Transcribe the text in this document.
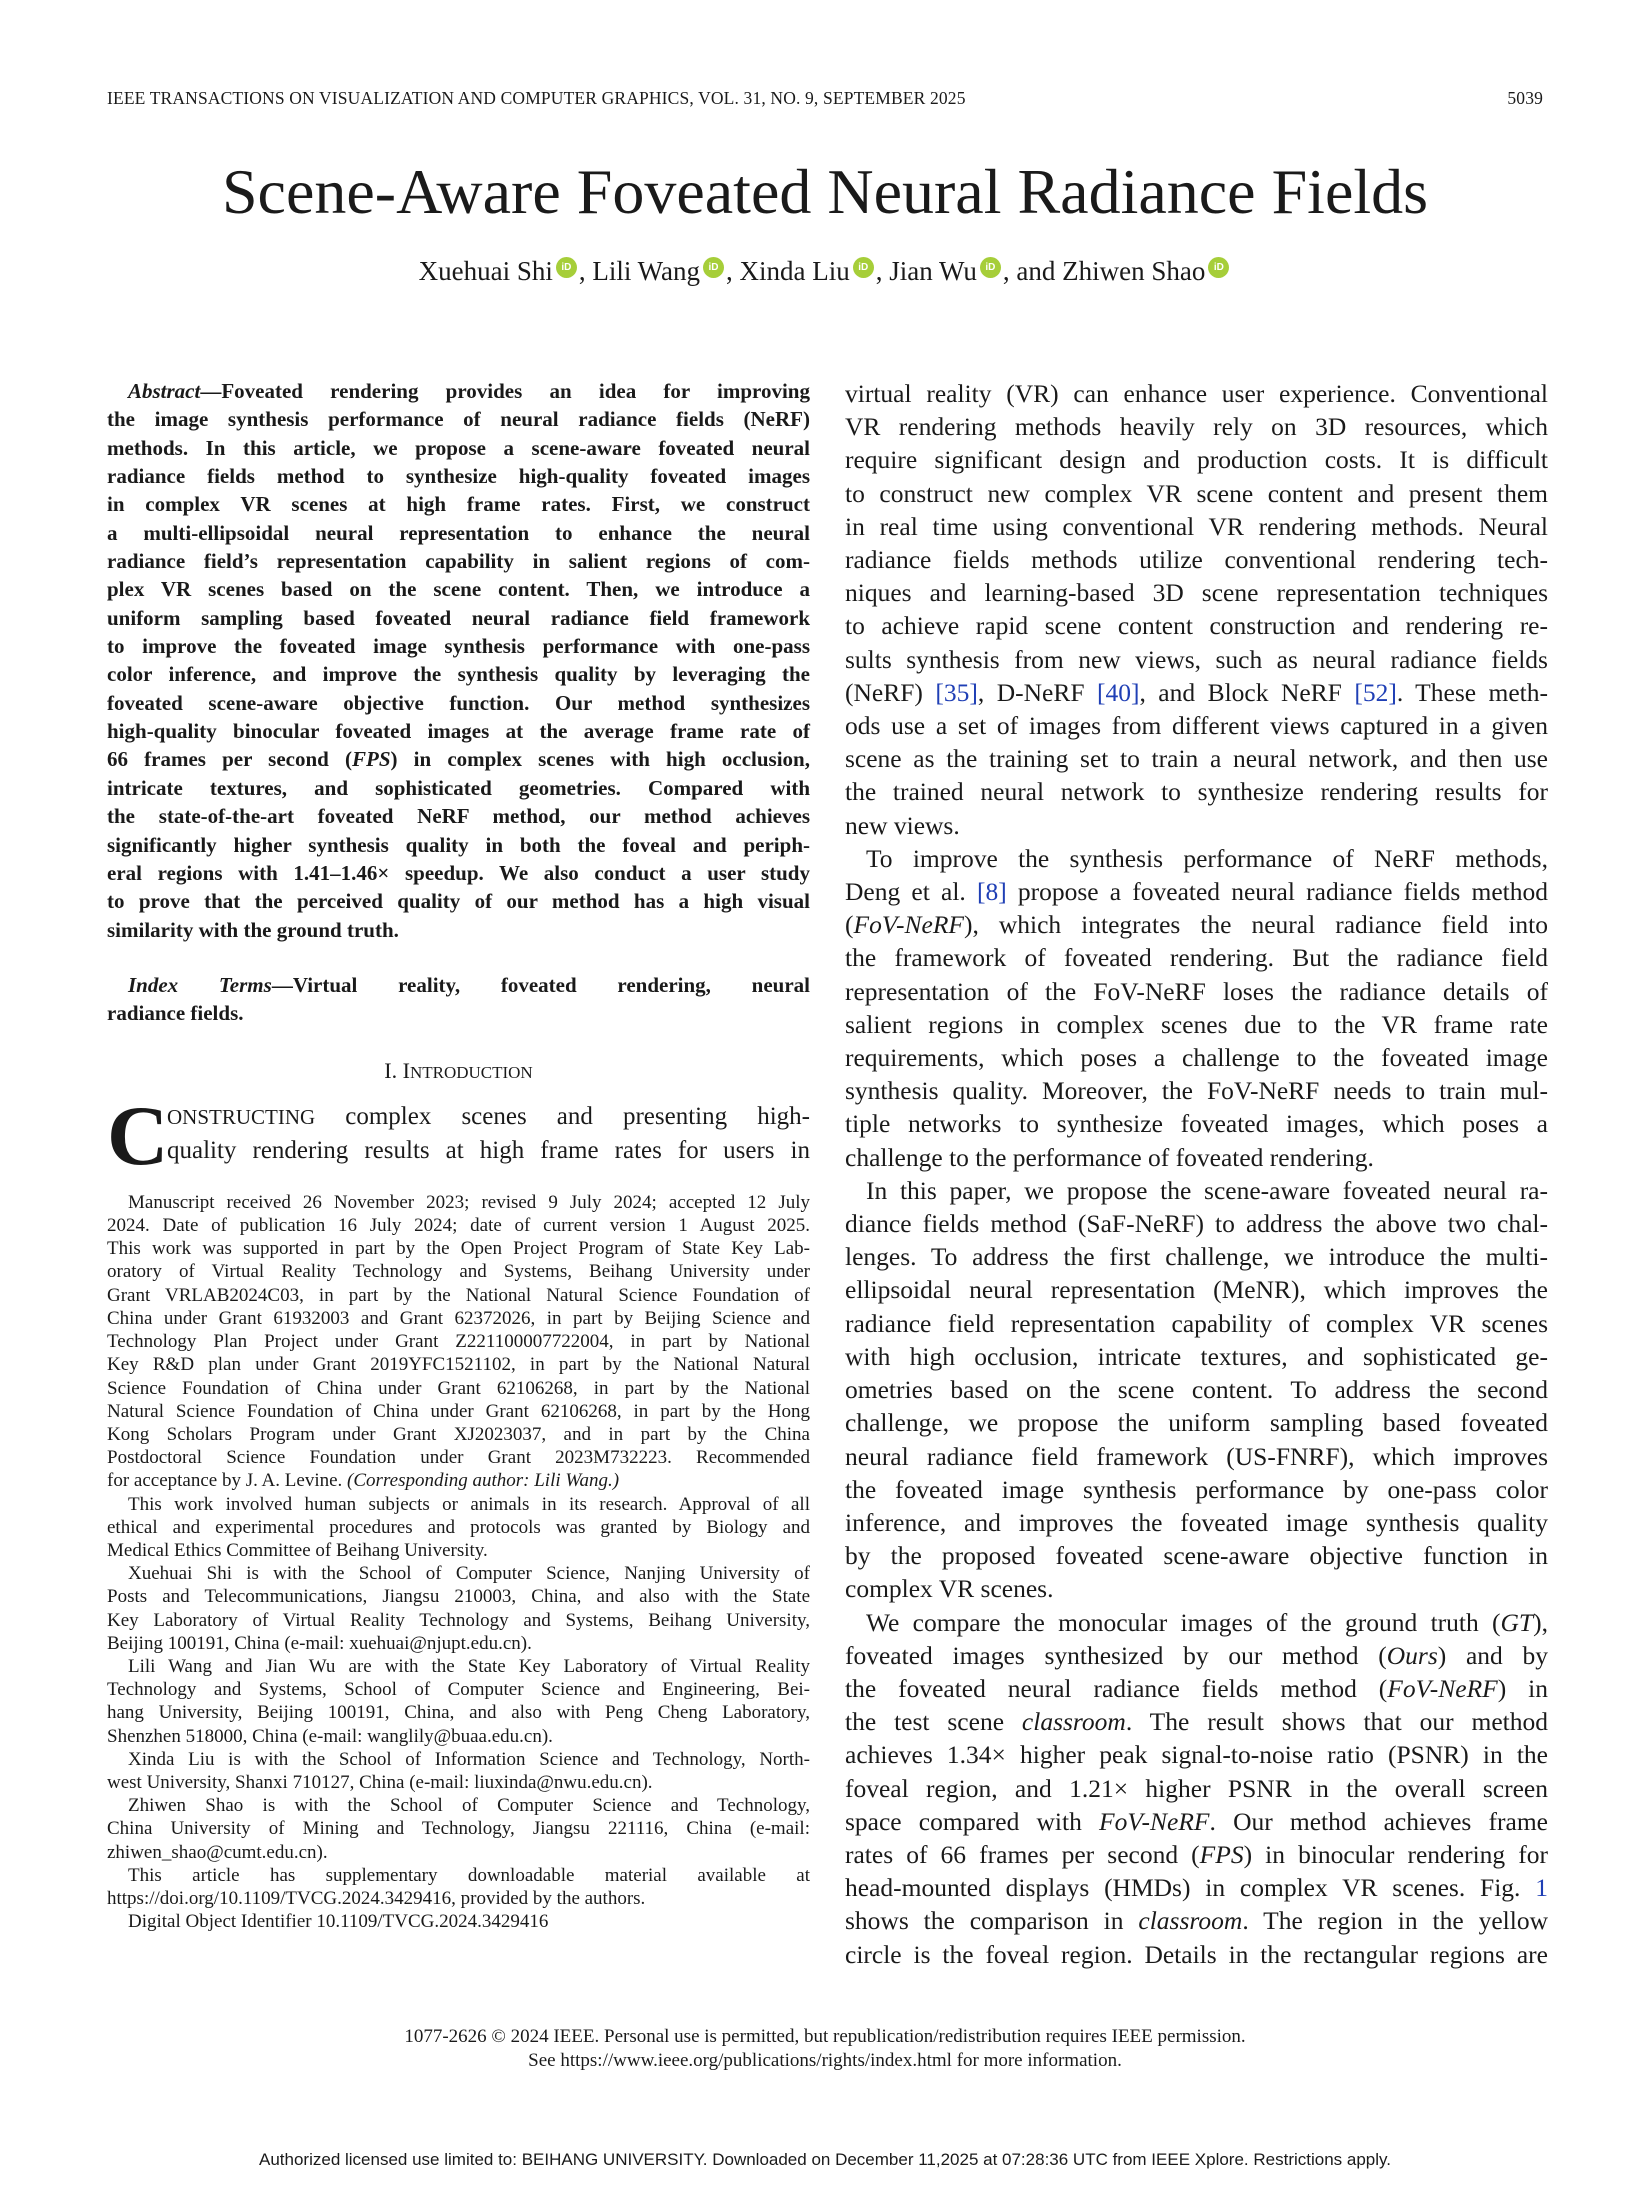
IEEE TRANSACTIONS ON VISUALIZATION AND COMPUTER GRAPHICS, VOL. 31, NO. 9, SEPTEMBER 2025	5039
Scene-Aware Foveated Neural Radiance Fields
Xuehuai Shi iD , Lili Wang iD , Xinda Liu iD , Jian Wu iD , and Zhiwen Shao iD
Abstract—Foveated rendering provides an idea for improving
the image synthesis performance of neural radiance fields (NeRF)
methods. In this article, we propose a scene-aware foveated neural
radiance fields method to synthesize high-quality foveated images
in complex VR scenes at high frame rates. First, we construct
a multi-ellipsoidal neural representation to enhance the neural
radiance field’s representation capability in salient regions of com-
plex VR scenes based on the scene content. Then, we introduce a
uniform sampling based foveated neural radiance field framework
to improve the foveated image synthesis performance with one-pass
color inference, and improve the synthesis quality by leveraging the
foveated scene-aware objective function. Our method synthesizes
high-quality binocular foveated images at the average frame rate of
66 frames per second (FPS) in complex scenes with high occlusion,
intricate textures, and sophisticated geometries. Compared with
the state-of-the-art foveated NeRF method, our method achieves
significantly higher synthesis quality in both the foveal and periph-
eral regions with 1.41–1.46× speedup. We also conduct a user study
to prove that the perceived quality of our method has a high visual
similarity with the ground truth.
Index Terms—Virtual reality, foveated rendering, neural
radiance fields.
I. INTRODUCTION
C
ONSTRUCTING complex scenes and presenting high-
quality rendering results at high frame rates for users in
Manuscript received 26 November 2023; revised 9 July 2024; accepted 12 July
2024. Date of publication 16 July 2024; date of current version 1 August 2025.
This work was supported in part by the Open Project Program of State Key Lab-
oratory of Virtual Reality Technology and Systems, Beihang University under
Grant VRLAB2024C03, in part by the National Natural Science Foundation of
China under Grant 61932003 and Grant 62372026, in part by Beijing Science and
Technology Plan Project under Grant Z221100007722004, in part by National
Key R&D plan under Grant 2019YFC1521102, in part by the National Natural
Science Foundation of China under Grant 62106268, in part by the National
Natural Science Foundation of China under Grant 62106268, in part by the Hong
Kong Scholars Program under Grant XJ2023037, and in part by the China
Postdoctoral Science Foundation under Grant 2023M732223. Recommended
for acceptance by J. A. Levine. (Corresponding author: Lili Wang.)
This work involved human subjects or animals in its research. Approval of all
ethical and experimental procedures and protocols was granted by Biology and
Medical Ethics Committee of Beihang University.
Xuehuai Shi is with the School of Computer Science, Nanjing University of
Posts and Telecommunications, Jiangsu 210003, China, and also with the State
Key Laboratory of Virtual Reality Technology and Systems, Beihang University,
Beijing 100191, China (e-mail: xuehuai@njupt.edu.cn).
Lili Wang and Jian Wu are with the State Key Laboratory of Virtual Reality
Technology and Systems, School of Computer Science and Engineering, Bei-
hang University, Beijing 100191, China, and also with Peng Cheng Laboratory,
Shenzhen 518000, China (e-mail: wanglily@buaa.edu.cn).
Xinda Liu is with the School of Information Science and Technology, North-
west University, Shanxi 710127, China (e-mail: liuxinda@nwu.edu.cn).
Zhiwen Shao is with the School of Computer Science and Technology,
China University of Mining and Technology, Jiangsu 221116, China (e-mail:
zhiwen_shao@cumt.edu.cn).
This article has supplementary downloadable material available at
https://doi.org/10.1109/TVCG.2024.3429416, provided by the authors.
Digital Object Identifier 10.1109/TVCG.2024.3429416
virtual reality (VR) can enhance user experience. Conventional
VR rendering methods heavily rely on 3D resources, which
require significant design and production costs. It is difficult
to construct new complex VR scene content and present them
in real time using conventional VR rendering methods. Neural
radiance fields methods utilize conventional rendering tech-
niques and learning-based 3D scene representation techniques
to achieve rapid scene content construction and rendering re-
sults synthesis from new views, such as neural radiance fields
(NeRF) [35], D-NeRF [40], and Block NeRF [52]. These meth-
ods use a set of images from different views captured in a given
scene as the training set to train a neural network, and then use
the trained neural network to synthesize rendering results for
new views.
To improve the synthesis performance of NeRF methods,
Deng et al. [8] propose a foveated neural radiance fields method
(FoV-NeRF), which integrates the neural radiance field into
the framework of foveated rendering. But the radiance field
representation of the FoV-NeRF loses the radiance details of
salient regions in complex scenes due to the VR frame rate
requirements, which poses a challenge to the foveated image
synthesis quality. Moreover, the FoV-NeRF needs to train mul-
tiple networks to synthesize foveated images, which poses a
challenge to the performance of foveated rendering.
In this paper, we propose the scene-aware foveated neural ra-
diance fields method (SaF-NeRF) to address the above two chal-
lenges. To address the first challenge, we introduce the multi-
ellipsoidal neural representation (MeNR), which improves the
radiance field representation capability of complex VR scenes
with high occlusion, intricate textures, and sophisticated ge-
ometries based on the scene content. To address the second
challenge, we propose the uniform sampling based foveated
neural radiance field framework (US-FNRF), which improves
the foveated image synthesis performance by one-pass color
inference, and improves the foveated image synthesis quality
by the proposed foveated scene-aware objective function in
complex VR scenes.
We compare the monocular images of the ground truth (GT),
foveated images synthesized by our method (Ours) and by
the foveated neural radiance fields method (FoV-NeRF) in
the test scene classroom. The result shows that our method
achieves 1.34× higher peak signal-to-noise ratio (PSNR) in the
foveal region, and 1.21× higher PSNR in the overall screen
space compared with FoV-NeRF. Our method achieves frame
rates of 66 frames per second (FPS) in binocular rendering for
head-mounted displays (HMDs) in complex VR scenes. Fig. 1
shows the comparison in classroom. The region in the yellow
circle is the foveal region. Details in the rectangular regions are
1077-2626 © 2024 IEEE. Personal use is permitted, but republication/redistribution requires IEEE permission.
See https://www.ieee.org/publications/rights/index.html for more information.
Authorized licensed use limited to: BEIHANG UNIVERSITY. Downloaded on December 11,2025 at 07:28:36 UTC from IEEE Xplore. Restrictions apply.
